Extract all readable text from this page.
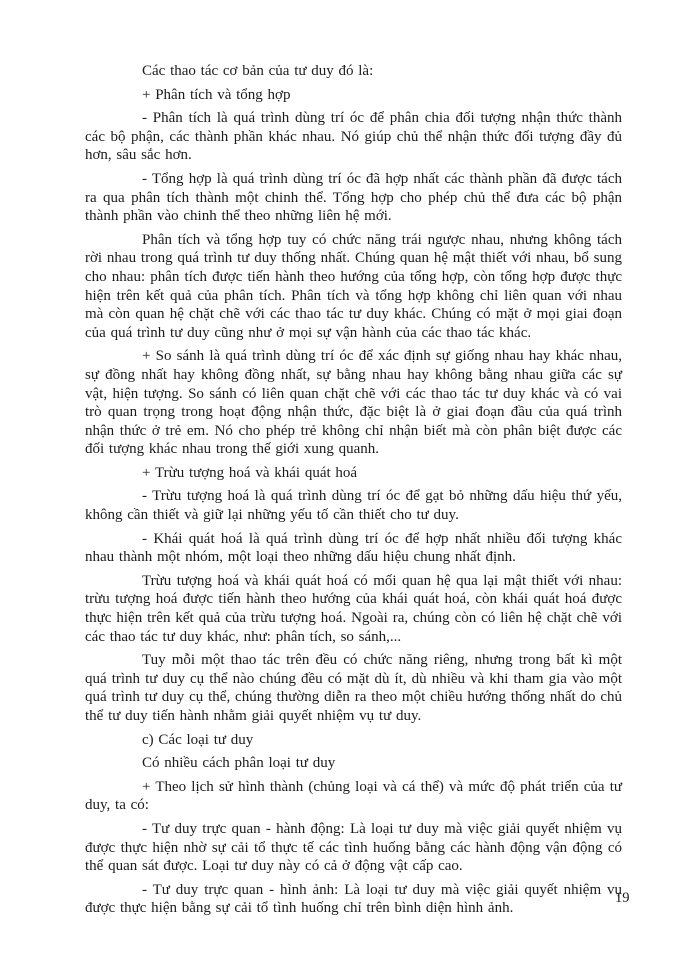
Các thao tác cơ bản của tư duy đó là:

+ Phân tích và tổng hợp

- Phân tích là quá trình dùng trí óc để phân chia đối tượng nhận thức thành các bộ phận, các thành phần khác nhau. Nó giúp chủ thể nhận thức đối tượng đầy đủ hơn, sâu sắc hơn.

- Tổng hợp là quá trình dùng trí óc đã hợp nhất các thành phần đã được tách ra qua phân tích thành một chinh thể. Tổng hợp cho phép chủ thể đưa các bộ phận thành phần vào chinh thể theo những liên hệ mới.

Phân tích và tổng hợp tuy có chức năng trái ngược nhau, nhưng không tách rời nhau trong quá trình tư duy thống nhất. Chúng quan hệ mật thiết với nhau, bổ sung cho nhau: phân tích được tiến hành theo hướng của tổng hợp, còn tổng hợp được thực hiện trên kết quả của phân tích. Phân tích và tổng hợp không chỉ liên quan với nhau mà còn quan hệ chặt chẽ với các thao tác tư duy khác. Chúng có mặt ở mọi giai đoạn của quá trình tư duy cũng như ở mọi sự vận hành của các thao tác khác.

+ So sánh là quá trình dùng trí óc để xác định sự giống nhau hay khác nhau, sự đồng nhất hay không đồng nhất, sự bằng nhau hay không bằng nhau giữa các sự vật, hiện tượng. So sánh có liên quan chặt chẽ với các thao tác tư duy khác và có vai trò quan trọng trong hoạt động nhận thức, đặc biệt là ở giai đoạn đầu của quá trình nhận thức ở trẻ em. Nó cho phép trẻ không chỉ nhận biết mà còn phân biệt được các đối tượng khác nhau trong thế giới xung quanh.

+ Trừu tượng hoá và khái quát hoá

- Trừu tượng hoá là quá trình dùng trí óc để gạt bỏ những dấu hiệu thứ yếu, không cần thiết và giữ lại những yếu tố cần thiết cho tư duy.

- Khái quát hoá là quá trình dùng trí óc để hợp nhất nhiều đối tượng khác nhau thành một nhóm, một loại theo những dấu hiệu chung nhất định.

Trừu tượng hoá và khái quát hoá có mối quan hệ qua lại mật thiết với nhau: trừu tượng hoá được tiến hành theo hướng của khái quát hoá, còn khái quát hoá được thực hiện trên kết quả của trừu tượng hoá. Ngoài ra, chúng còn có liên hệ chặt chẽ với các thao tác tư duy khác, như: phân tích, so sánh,...

Tuy mỗi một thao tác trên đều có chức năng riêng, nhưng trong bất kì một quá trình tư duy cụ thể nào chúng đều có mặt dù ít, dù nhiều và khi tham gia vào một quá trình tư duy cụ thể, chúng thường diễn ra theo một chiều hướng thống nhất do chủ thể tư duy tiến hành nhằm giải quyết nhiệm vụ tư duy.

c) Các loại tư duy

Có nhiều cách phân loại tư duy

+ Theo lịch sử hình thành (chủng loại và cá thể) và mức độ phát triển của tư duy, ta có:

- Tư duy trực quan - hành động: Là loại tư duy mà việc giải quyết nhiệm vụ được thực hiện nhờ sự cải tổ thực tế các tình huống bằng các hành động vận động có thể quan sát được. Loại tư duy này có cả ở động vật cấp cao.

- Tư duy trực quan - hình ảnh: Là loại tư duy mà việc giải quyết nhiệm vụ được thực hiện bằng sự cải tổ tình huống chỉ trên bình diện hình ảnh.

19
